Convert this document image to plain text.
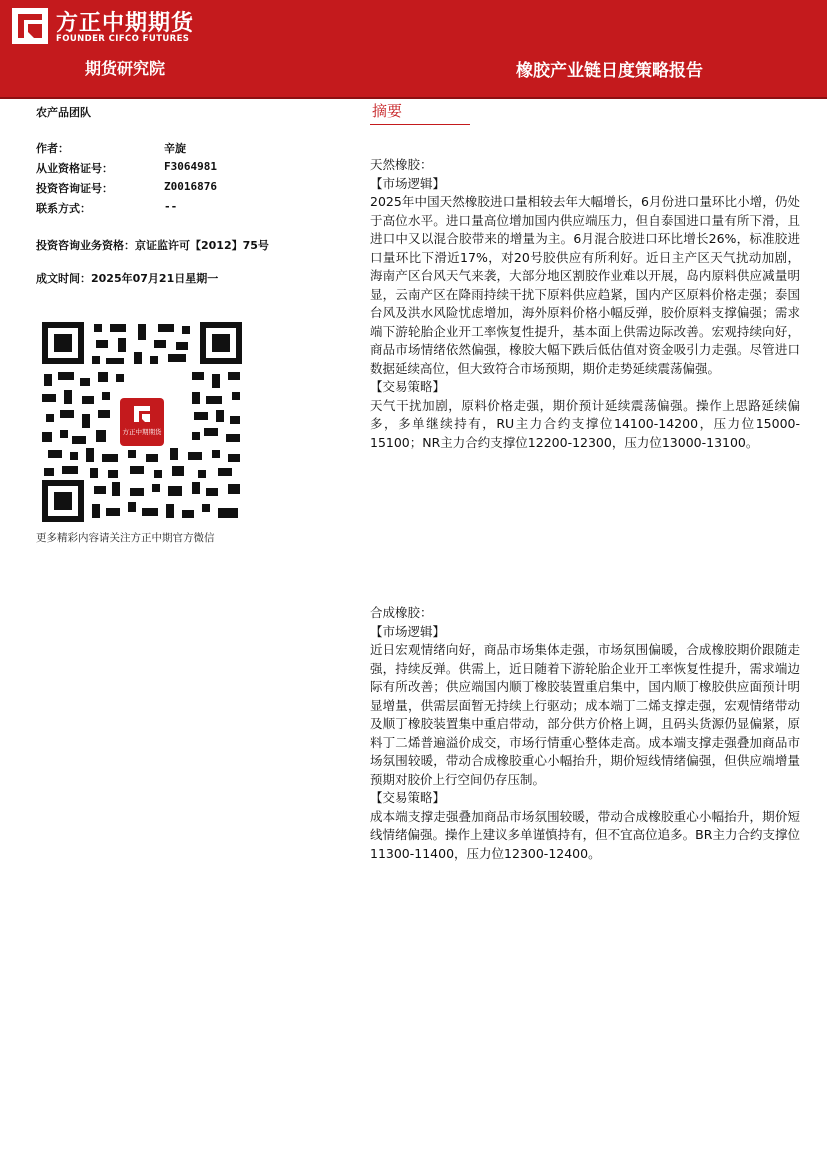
方正中期期货
FOUNDER CIFCO FUTURES
期货研究院	橡胶产业链日度策略报告
农产品团队
作者：	辛旋
从业资格证号：	F3064981
投资咨询证号：	Z0016876
联系方式：	--
投资咨询业务资格：京证监许可【2012】75号
成文时间：2025年07月21日星期一
方正中期期货
更多精彩内容请关注方正中期官方微信
摘要
天然橡胶：
【市场逻辑】

2025年中国天然橡胶进口量相较去年大幅增长，6月份进口量环比小增，仍处于高位水平。进口量高位增加国内供应端压力，但自泰国进口量有所下滑，且进口中又以混合胶带来的增量为主。6月混合胶进口环比增长26%，标准胶进口量环比下滑近17%，对20号胶供应有所利好。近日主产区天气扰动加剧，海南产区台风天气来袭，大部分地区割胶作业难以开展，岛内原料供应减量明显，云南产区在降雨持续干扰下原料供应趋紧，国内产区原料价格走强；泰国台风及洪水风险忧虑增加，海外原料价格小幅反弹，胶价原料支撑偏强；需求端下游轮胎企业开工率恢复性提升，基本面上供需边际改善。宏观持续向好，商品市场情绪依然偏强，橡胶大幅下跌后低估值对资金吸引力走强。尽管进口数据延续高位，但大致符合市场预期，期价走势延续震荡偏强。

【交易策略】

天气干扰加剧，原料价格走强，期价预计延续震荡偏强。操作上思路延续偏多，多单继续持有，RU主力合约支撑位14100-14200，压力位15000-15100；NR主力合约支撑位12200-12300，压力位13000-13100。

合成橡胶：
【市场逻辑】

近日宏观情绪向好，商品市场集体走强，市场氛围偏暖，合成橡胶期价跟随走强，持续反弹。供需上，近日随着下游轮胎企业开工率恢复性提升，需求端边际有所改善；供应端国内顺丁橡胶装置重启集中，国内顺丁橡胶供应面预计明显增量，供需层面暂无持续上行驱动；成本端丁二烯支撑走强，宏观情绪带动及顺丁橡胶装置集中重启带动，部分供方价格上调，且码头货源仍显偏紧，原料丁二烯普遍溢价成交，市场行情重心整体走高。成本端支撑走强叠加商品市场氛围较暖，带动合成橡胶重心小幅抬升，期价短线情绪偏强，但供应端增量预期对胶价上行空间仍存压制。

【交易策略】

成本端支撑走强叠加商品市场氛围较暖，带动合成橡胶重心小幅抬升，期价短线情绪偏强。操作上建议多单谨慎持有，但不宜高位追多。BR主力合约支撑位11300-11400，压力位12300-12400。
